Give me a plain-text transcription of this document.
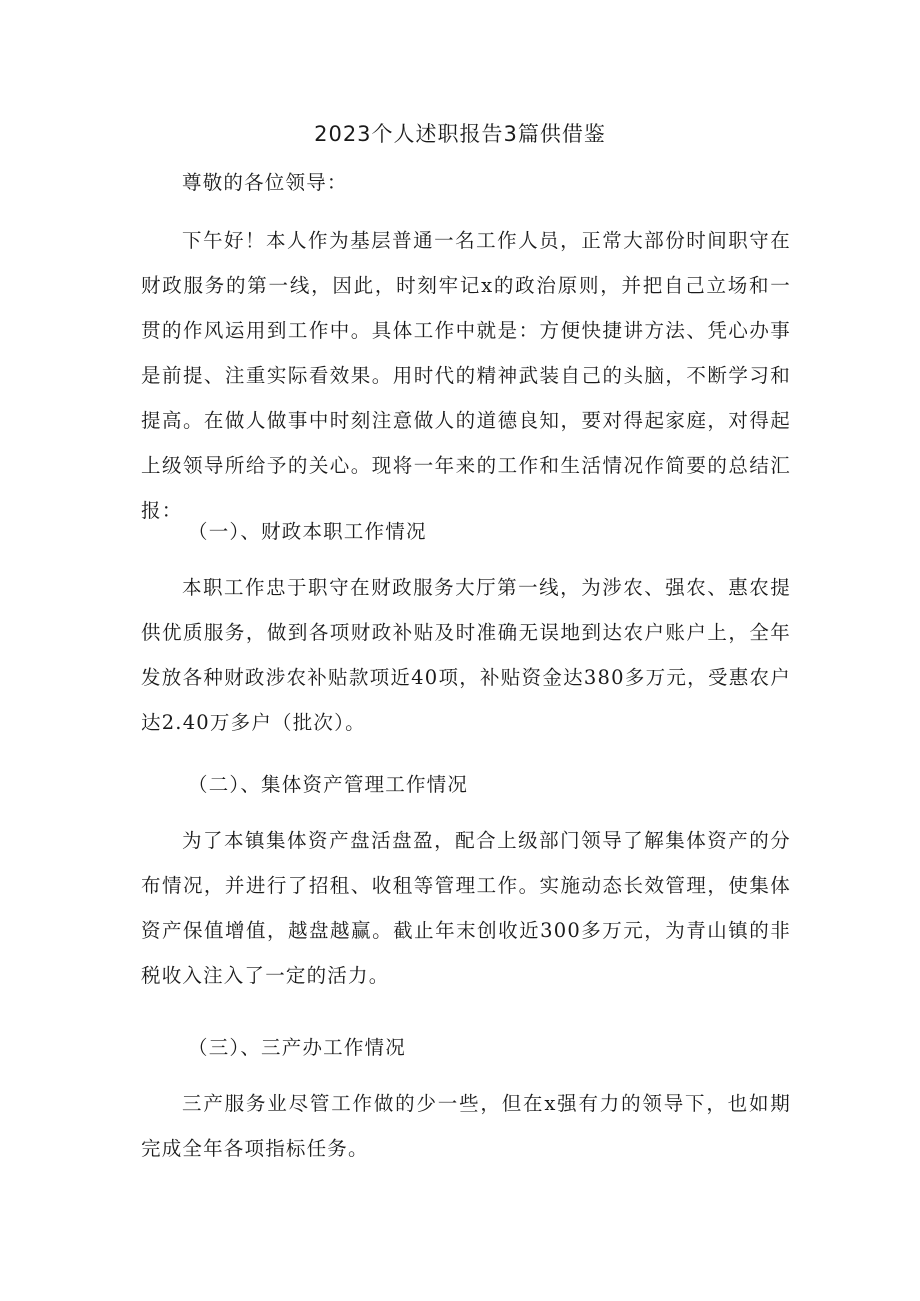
2023个人述职报告3篇供借鉴

尊敬的各位领导：

下午好！本人作为基层普通一名工作人员，正常大部份时间职守在财政服务的第一线，因此，时刻牢记x的政治原则，并把自己立场和一贯的作风运用到工作中。具体工作中就是：方便快捷讲方法、凭心办事是前提、注重实际看效果。用时代的精神武装自己的头脑，不断学习和提高。在做人做事中时刻注意做人的道德良知，要对得起家庭，对得起上级领导所给予的关心。现将一年来的工作和生活情况作简要的总结汇报：

（一）、财政本职工作情况

本职工作忠于职守在财政服务大厅第一线，为涉农、强农、惠农提供优质服务，做到各项财政补贴及时准确无误地到达农户账户上，全年发放各种财政涉农补贴款项近40项，补贴资金达380多万元，受惠农户达2.40万多户（批次）。

（二）、集体资产管理工作情况

为了本镇集体资产盘活盘盈，配合上级部门领导了解集体资产的分布情况，并进行了招租、收租等管理工作。实施动态长效管理，使集体资产保值增值，越盘越赢。截止年末创收近300多万元，为青山镇的非税收入注入了一定的活力。

（三）、三产办工作情况

三产服务业尽管工作做的少一些，但在x强有力的领导下，也如期完成全年各项指标任务。
